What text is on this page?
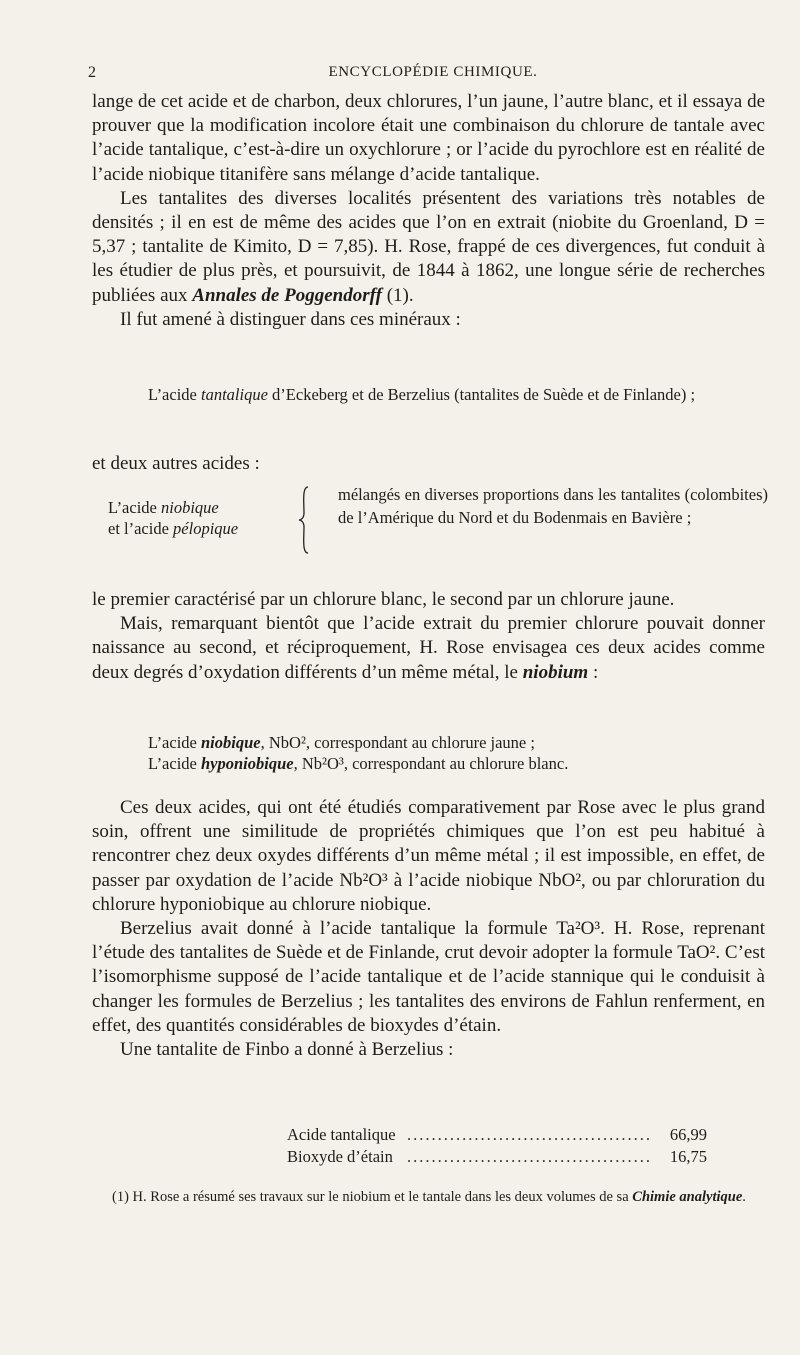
2	ENCYCLOPÉDIE CHIMIQUE.

lange de cet acide et de charbon, deux chlorures, l’un jaune, l’autre blanc, et il essaya de prouver que la modification incolore était une combinaison du chlorure de tantale avec l’acide tantalique, c’est-à-dire un oxychlorure ; or l’acide du pyrochlore est en réalité de l’acide niobique titanifère sans mélange d’acide tantalique.

Les tantalites des diverses localités présentent des variations très notables de densités ; il en est de même des acides que l’on en extrait (niobite du Groenland, D = 5,37 ; tantalite de Kimito, D = 7,85). H. Rose, frappé de ces divergences, fut conduit à les étudier de plus près, et poursuivit, de 1844 à 1862, une longue série de recherches publiées aux Annales de Poggendorff (1).

Il fut amené à distinguer dans ces minéraux :

L’acide tantalique d’Eckeberg et de Berzelius (tantalites de Suède et de Finlande) ;

et deux autres acides :

L’acide niobique
et l’acide pélopique
mélangés en diverses proportions dans les tantalites (colombites) de l’Amérique du Nord et du Bodenmais en Bavière ;

le premier caractérisé par un chlorure blanc, le second par un chlorure jaune.

Mais, remarquant bientôt que l’acide extrait du premier chlorure pouvait donner naissance au second, et réciproquement, H. Rose envisagea ces deux acides comme deux degrés d’oxydation différents d’un même métal, le niobium :

L’acide niobique, NbO², correspondant au chlorure jaune ;

L’acide hyponiobique, Nb²O³, correspondant au chlorure blanc.

Ces deux acides, qui ont été étudiés comparativement par Rose avec le plus grand soin, offrent une similitude de propriétés chimiques que l’on est peu habitué à rencontrer chez deux oxydes différents d’un même métal ; il est impossible, en effet, de passer par oxydation de l’acide Nb²O³ à l’acide niobique NbO², ou par chloruration du chlorure hyponiobique au chlorure niobique.

Berzelius avait donné à l’acide tantalique la formule Ta²O³. H. Rose, reprenant l’étude des tantalites de Suède et de Finlande, crut devoir adopter la formule TaO². C’est l’isomorphisme supposé de l’acide tantalique et de l’acide stannique qui le conduisit à changer les formules de Berzelius ; les tantalites des environs de Fahlun renferment, en effet, des quantités considérables de bioxydes d’étain.

Une tantalite de Finbo a donné à Berzelius :

Acide tantalique ........................................ 66,99
Bioxyde d’étain ........................................ 16,75
(1) H. Rose a résumé ses travaux sur le niobium et le tantale dans les deux volumes de sa Chimie analytique.
